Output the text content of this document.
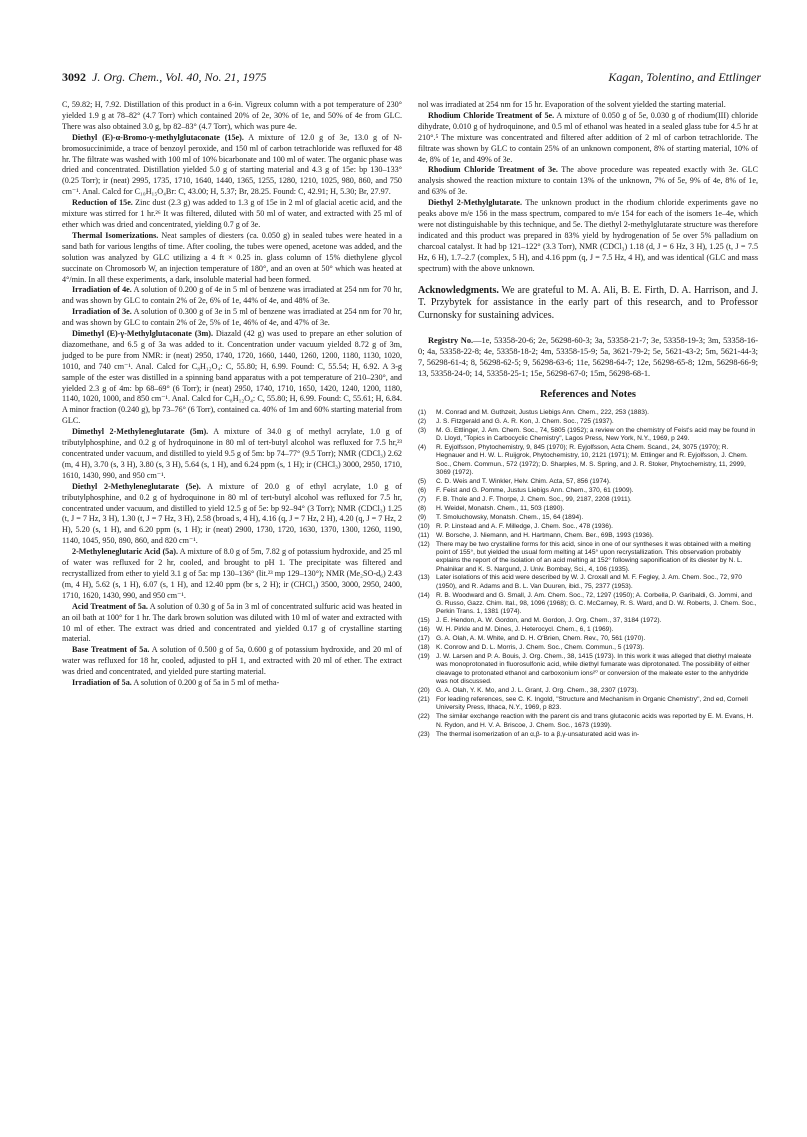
3092 J. Org. Chem., Vol. 40, No. 21, 1975	Kagan, Tolentino, and Ettlinger

C, 59.82; H, 7.92. Distillation of this product in a 6-in. Vigreux column with a pot temperature of 230° yielded 1.9 g at 78–82° (4.7 Torr) which contained 20% of 2e, 30% of 1e, and 50% of 4e from GLC. There was also obtained 3.0 g, bp 82–83° (4.7 Torr), which was pure 4e.

Diethyl (E)-α-Bromo-γ-methylglutaconate (15e). A mixture of 12.0 g of 3e, 13.0 g of N-bromosuccinimide, a trace of benzoyl peroxide, and 150 ml of carbon tetrachloride was refluxed for 48 hr. The filtrate was washed with 100 ml of 10% bicarbonate and 100 ml of water. The organic phase was dried and concentrated. Distillation yielded 5.0 g of starting material and 4.3 g of 15e: bp 130–133° (0.25 Torr); ir (neat) 2995, 1735, 1710, 1640, 1440, 1365, 1255, 1280, 1210, 1025, 980, 860, and 750 cm⁻¹. Anal. Calcd for C₁₀H₁₅O₄Br: C, 43.00; H, 5.37; Br, 28.25. Found: C, 42.91; H, 5.30; Br, 27.97.

Reduction of 15e. Zinc dust (2.3 g) was added to 1.3 g of 15e in 2 ml of glacial acetic acid, and the mixture was stirred for 1 hr.²⁶ It was filtered, diluted with 50 ml of water, and extracted with 25 ml of ether which was dried and concentrated, yielding 0.7 g of 3e.

Thermal Isomerizations. Neat samples of diesters (ca. 0.050 g) in sealed tubes were heated in a sand bath for various lengths of time. After cooling, the tubes were opened, acetone was added, and the solution was analyzed by GLC utilizing a 4 ft × 0.25 in. glass column of 15% diethylene glycol succinate on Chromosorb W, an injection temperature of 180°, and an oven at 50° which was heated at 4°/min. In all these experiments, a dark, insoluble material had been formed.

Irradiation of 4e. A solution of 0.200 g of 4e in 5 ml of benzene was irradiated at 254 nm for 70 hr, and was shown by GLC to contain 2% of 2e, 6% of 1e, 44% of 4e, and 48% of 3e.

Irradiation of 3e. A solution of 0.300 g of 3e in 5 ml of benzene was irradiated at 254 nm for 70 hr, and was shown by GLC to contain 2% of 2e, 5% of 1e, 46% of 4e, and 47% of 3e.

Dimethyl (E)-γ-Methylglutaconate (3m). Diazald (42 g) was used to prepare an ether solution of diazomethane, and 6.5 g of 3a was added to it. Concentration under vacuum yielded 8.72 g of 3m, judged to be pure from NMR: ir (neat) 2950, 1740, 1720, 1660, 1440, 1260, 1200, 1180, 1130, 1020, 1010, and 740 cm⁻¹. Anal. Calcd for C₈H₁₂O₄: C, 55.80; H, 6.99. Found: C, 55.54; H, 6.92. A 3-g sample of the ester was distilled in a spinning band apparatus with a pot temperature of 210–230°, and yielded 2.3 g of 4m: bp 68–69° (6 Torr); ir (neat) 2950, 1740, 1710, 1650, 1420, 1240, 1200, 1180, 1140, 1020, 1000, and 850 cm⁻¹. Anal. Calcd for C₈H₁₂O₄: C, 55.80; H, 6.99. Found: C, 55.61; H, 6.84. A minor fraction (0.240 g), bp 73–76° (6 Torr), contained ca. 40% of 1m and 60% starting material from GLC.

Dimethyl 2-Methyleneglutarate (5m). A mixture of 34.0 g of methyl acrylate, 1.0 g of tributylphosphine, and 0.2 g of hydroquinone in 80 ml of tert-butyl alcohol was refluxed for 7.5 hr,²³ concentrated under vacuum, and distilled to yield 9.5 g of 5m: bp 74–77° (9.5 Torr); NMR (CDCl₃) 2.62 (m, 4 H), 3.70 (s, 3 H), 3.80 (s, 3 H), 5.64 (s, 1 H), and 6.24 ppm (s, 1 H); ir (CHCl₃) 3000, 2950, 1710, 1610, 1430, 990, and 950 cm⁻¹.

Diethyl 2-Methyleneglutarate (5e). A mixture of 20.0 g of ethyl acrylate, 1.0 g of tributylphosphine, and 0.2 g of hydroquinone in 80 ml of tert-butyl alcohol was refluxed for 7.5 hr, concentrated under vacuum, and distilled to yield 12.5 g of 5e: bp 92–94° (3 Torr); NMR (CDCl₃) 1.25 (t, J = 7 Hz, 3 H), 1.30 (t, J = 7 Hz, 3 H), 2.58 (broad s, 4 H), 4.16 (q, J = 7 Hz, 2 H), 4.20 (q, J = 7 Hz, 2 H), 5.20 (s, 1 H), and 6.20 ppm (s, 1 H); ir (neat) 2900, 1730, 1720, 1630, 1370, 1300, 1260, 1190, 1140, 1045, 950, 890, 860, and 820 cm⁻¹.

2-Methyleneglutaric Acid (5a). A mixture of 8.0 g of 5m, 7.82 g of potassium hydroxide, and 25 ml of water was refluxed for 2 hr, cooled, and brought to pH 1. The precipitate was filtered and recrystallized from ether to yield 3.1 g of 5a: mp 130–136° (lit.²³ mp 129–130°); NMR (Me₂SO-d₆) 2.43 (m, 4 H), 5.62 (s, 1 H), 6.07 (s, 1 H), and 12.40 ppm (br s, 2 H); ir (CHCl₃) 3500, 3000, 2950, 2400, 1710, 1620, 1430, 990, and 950 cm⁻¹.

Acid Treatment of 5a. A solution of 0.30 g of 5a in 3 ml of concentrated sulfuric acid was heated in an oil bath at 100° for 1 hr. The dark brown solution was diluted with 10 ml of water and extracted with 10 ml of ether. The extract was dried and concentrated and yielded 0.17 g of crystalline starting material.

Base Treatment of 5a. A solution of 0.500 g of 5a, 0.600 g of potassium hydroxide, and 20 ml of water was refluxed for 18 hr, cooled, adjusted to pH 1, and extracted with 20 ml of ether. The extract was dried and concentrated, and yielded pure starting material.

Irradiation of 5a. A solution of 0.200 g of 5a in 5 ml of metha-

nol was irradiated at 254 nm for 15 hr. Evaporation of the solvent yielded the starting material.

Rhodium Chloride Treatment of 5e. A mixture of 0.050 g of 5e, 0.030 g of rhodium(III) chloride dihydrate, 0.010 g of hydroquinone, and 0.5 ml of ethanol was heated in a sealed glass tube for 4.5 hr at 210°.⁵ The mixture was concentrated and filtered after addition of 2 ml of carbon tetrachloride. The filtrate was shown by GLC to contain 25% of an unknown component, 8% of starting material, 10% of 4e, 8% of 1e, and 49% of 3e.

Rhodium Chloride Treatment of 3e. The above procedure was repeated exactly with 3e. GLC analysis showed the reaction mixture to contain 13% of the unknown, 7% of 5e, 9% of 4e, 8% of 1e, and 63% of 3e.

Diethyl 2-Methylglutarate. The unknown product in the rhodium chloride experiments gave no peaks above m/e 156 in the mass spectrum, compared to m/e 154 for each of the isomers 1e–4e, which were not distinguishable by this technique, and 5e. The diethyl 2-methylglutarate structure was therefore indicated and this product was prepared in 83% yield by hydrogenation of 5e over 5% palladium on charcoal catalyst. It had bp 121–122° (3.3 Torr), NMR (CDCl₃) 1.18 (d, J = 6 Hz, 3 H), 1.25 (t, J = 7.5 Hz, 6 H), 1.7–2.7 (complex, 5 H), and 4.16 ppm (q, J = 7.5 Hz, 4 H), and was identical (GLC and mass spectrum) with the above unknown.

Acknowledgments. We are grateful to M. A. Ali, B. E. Firth, D. A. Harrison, and J. T. Przybytek for assistance in the early part of this research, and to Professor Curnonsky for sustaining advices.

Registry No.—1e, 53358-20-6; 2e, 56298-60-3; 3a, 53358-21-7; 3e, 53358-19-3; 3m, 53358-16-0; 4a, 53358-22-8; 4e, 53358-18-2; 4m, 53358-15-9; 5a, 3621-79-2; 5e, 5621-43-2; 5m, 5621-44-3; 7, 56298-61-4; 8, 56298-62-5; 9, 56298-63-6; 11e, 56298-64-7; 12e, 56298-65-8; 12m, 56298-66-9; 13, 53358-24-0; 14, 53358-25-1; 15e, 56298-67-0; 15m, 56298-68-1.

References and Notes
(1) M. Conrad and M. Guthzeit, Justus Liebigs Ann. Chem., 222, 253 (1883).
(2) J. S. Fitzgerald and G. A. R. Kon, J. Chem. Soc., 725 (1937).
(3) M. G. Ettlinger, J. Am. Chem. Soc., 74, 5805 (1952); a review on the chemistry of Feist's acid may be found in D. Lloyd, "Topics in Carbocyclic Chemistry", Lagos Press, New York, N.Y., 1969, p 249.
(4) R. Eyjolfsson, Phytochemistry, 9, 845 (1970); R. Eyjolfsson, Acta Chem. Scand., 24, 3075 (1970); R. Hegnauer and H. W. L. Ruijgrok, Phytochemistry, 10, 2121 (1971); M. Ettlinger and R. Eyjolfsson, J. Chem. Soc., Chem. Commun., 572 (1972); D. Sharples, M. S. Spring, and J. R. Stoker, Phytochemistry, 11, 2999, 3069 (1972).
(5) C. D. Weis and T. Winkler, Helv. Chim. Acta, 57, 856 (1974).
(6) F. Feist and G. Pomme, Justus Liebigs Ann. Chem., 370, 61 (1909).
(7) F. B. Thole and J. F. Thorpe, J. Chem. Soc., 99, 2187, 2208 (1911).
(8) H. Weidel, Monatsh. Chem., 11, 503 (1890).
(9) T. Smoluchowsky, Monatsh. Chem., 15, 64 (1894).
(10) R. P. Linstead and A. F. Milledge, J. Chem. Soc., 478 (1936).
(11) W. Borsche, J. Niemann, and H. Hartmann, Chem. Ber., 69B, 1993 (1936).
(12) There may be two crystalline forms for this acid, since in one of our syntheses it was obtained with a melting point of 155°, but yielded the usual form melting at 145° upon recrystallization. This observation probably explains the report of the isolation of an acid melting at 152° following saponification of its diester by N. L. Phalnikar and K. S. Nargund, J. Univ. Bombay, Sci., 4, 106 (1935).
(13) Later isolations of this acid were described by W. J. Croxall and M. F. Fegley, J. Am. Chem. Soc., 72, 970 (1950), and R. Adams and B. L. Van Duuren, ibid., 75, 2377 (1953).
(14) R. B. Woodward and G. Small, J. Am. Chem. Soc., 72, 1297 (1950); A. Corbella, P. Garibaldi, G. Jommi, and G. Russo, Gazz. Chim. Ital., 98, 1096 (1968); G. C. McCarney, R. S. Ward, and D. W. Roberts, J. Chem. Soc., Perkin Trans. 1, 1381 (1974).
(15) J. E. Hendon, A. W. Gordon, and M. Gordon, J. Org. Chem., 37, 3184 (1972).
(16) W. H. Pirkle and M. Dines, J. Heterocycl. Chem., 6, 1 (1969).
(17) G. A. Olah, A. M. White, and D. H. O'Brien, Chem. Rev., 70, 561 (1970).
(18) K. Conrow and D. L. Morris, J. Chem. Soc., Chem. Commun., 5 (1973).
(19) J. W. Larsen and P. A. Bouis, J. Org. Chem., 38, 1415 (1973). In this work it was alleged that diethyl maleate was monoprotonated in fluorosulfonic acid, while diethyl fumarate was diprotonated. The possibility of either cleavage to protonated ethanol and carboxonium ions²⁰ or conversion of the maleate ester to the anhydride was not discussed.
(20) G. A. Olah, Y. K. Mo, and J. L. Grant, J. Org. Chem., 38, 2307 (1973).
(21) For leading references, see C. K. Ingold, "Structure and Mechanism in Organic Chemistry", 2nd ed, Cornell University Press, Ithaca, N.Y., 1969, p 823.
(22) The similar exchange reaction with the parent cis and trans glutaconic acids was reported by E. M. Evans, H. N. Rydon, and H. V. A. Briscoe, J. Chem. Soc., 1673 (1939).
(23) The thermal isomerization of an α,β- to a β,γ-unsaturated acid was in-
